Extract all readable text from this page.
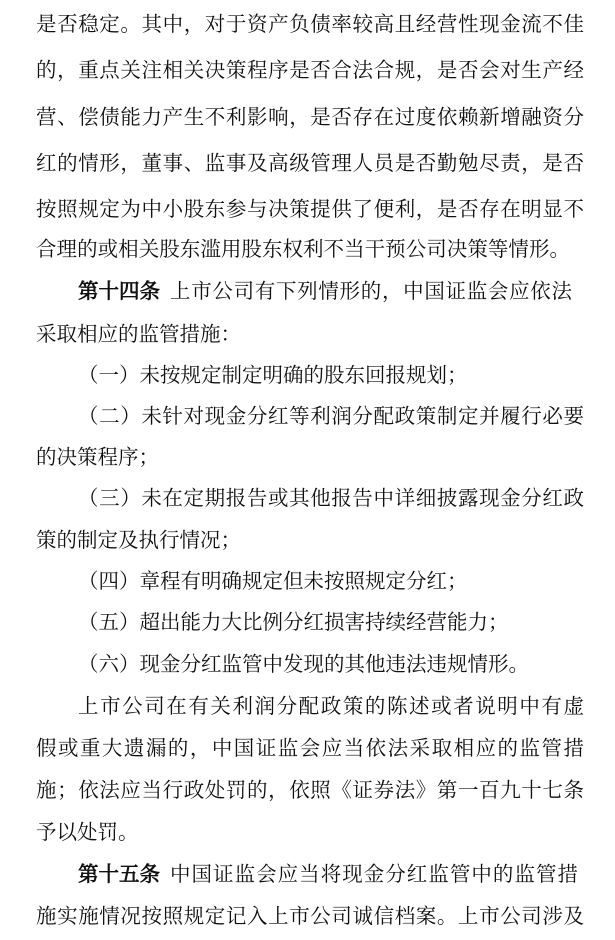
是否稳定。其中，对于资产负债率较高且经营性现金流不佳
的，重点关注相关决策程序是否合法合规，是否会对生产经
营、偿债能力产生不利影响，是否存在过度依赖新增融资分
红的情形，董事、监事及高级管理人员是否勤勉尽责，是否
按照规定为中小股东参与决策提供了便利，是否存在明显不
合理的或相关股东滥用股东权利不当干预公司决策等情形。
第十四条 上市公司有下列情形的，中国证监会应依法
采取相应的监管措施：
（一）未按规定制定明确的股东回报规划；
（二）未针对现金分红等利润分配政策制定并履行必要
的决策程序；
（三）未在定期报告或其他报告中详细披露现金分红政
策的制定及执行情况；
（四）章程有明确规定但未按照规定分红；
（五）超出能力大比例分红损害持续经营能力；
（六）现金分红监管中发现的其他违法违规情形。
上市公司在有关利润分配政策的陈述或者说明中有虚
假或重大遗漏的，中国证监会应当依法采取相应的监管措
施；依法应当行政处罚的，依照《证券法》第一百九十七条
予以处罚。
第十五条 中国证监会应当将现金分红监管中的监管措
施实施情况按照规定记入上市公司诚信档案。上市公司涉及
